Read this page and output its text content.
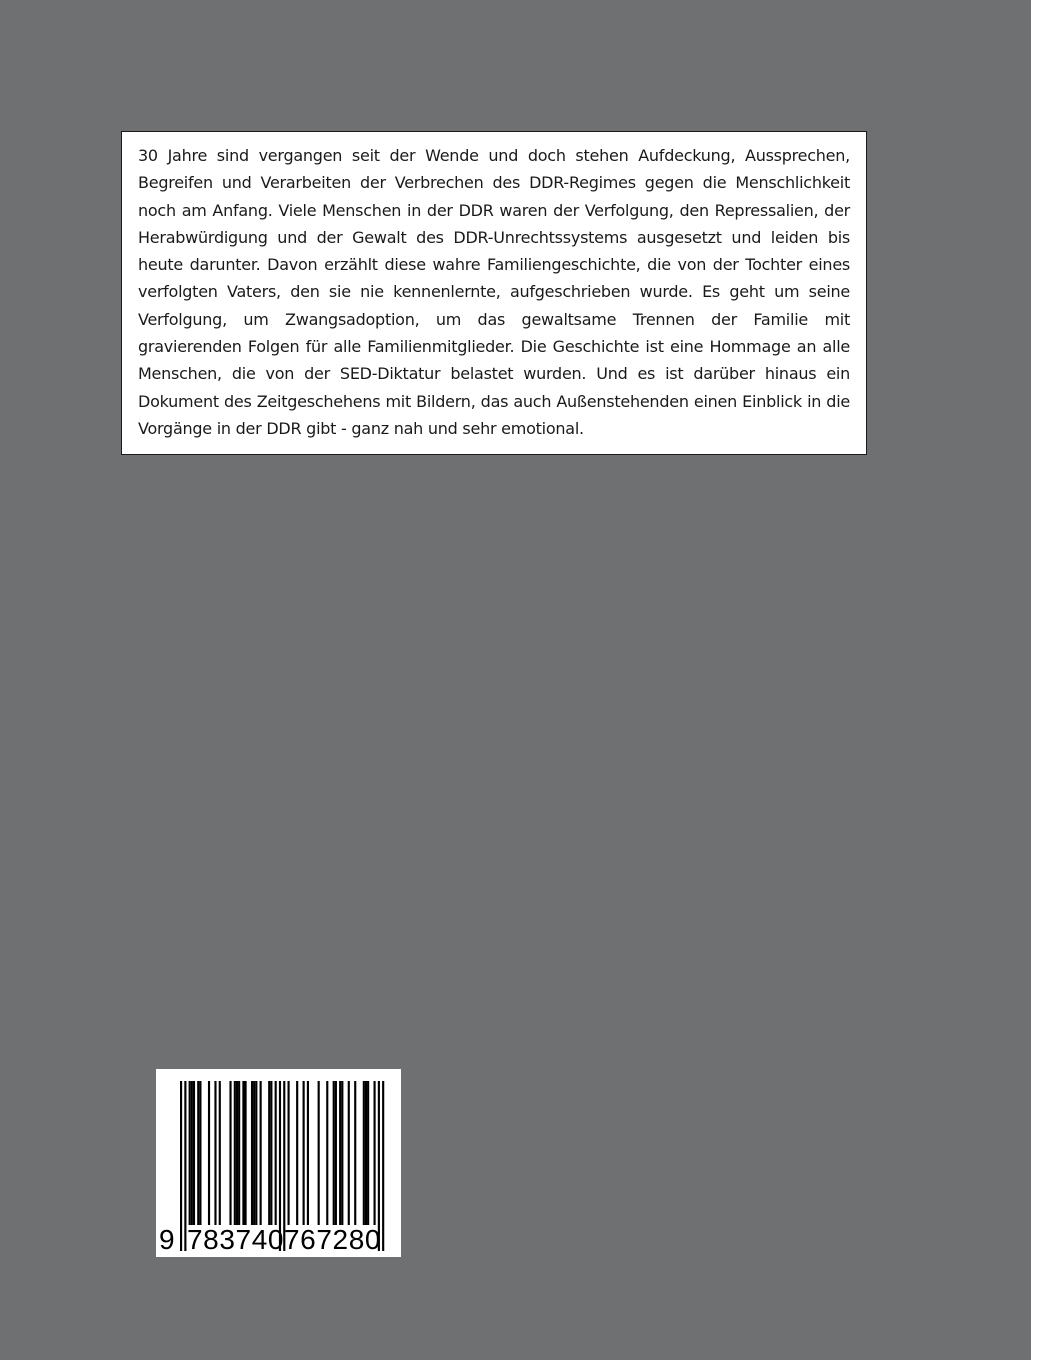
30 Jahre sind vergangen seit der Wende und doch stehen Aufdeckung, Aussprechen, Begreifen und Verarbeiten der Verbrechen des DDR-Regimes gegen die Menschlichkeit noch am Anfang. Viele Menschen in der DDR waren der Verfolgung, den Repressalien, der Herabwürdigung und der Gewalt des DDR-Unrechtssystems ausgesetzt und leiden bis heute darunter. Davon erzählt diese wahre Familiengeschichte, die von der Tochter eines verfolgten Vaters, den sie nie kennenlernte, aufgeschrieben wurde. Es geht um seine Verfolgung, um Zwangsadoption, um das gewaltsame Trennen der Familie mit gravierenden Folgen für alle Familienmitglieder. Die Geschichte ist eine Hommage an alle Menschen, die von der SED-Diktatur belastet wurden. Und es ist darüber hinaus ein Dokument des Zeitgeschehens mit Bildern, das auch Außenstehenden einen Einblick in die Vorgänge in der DDR gibt - ganz nah und sehr emotional.

9 783740 767280
